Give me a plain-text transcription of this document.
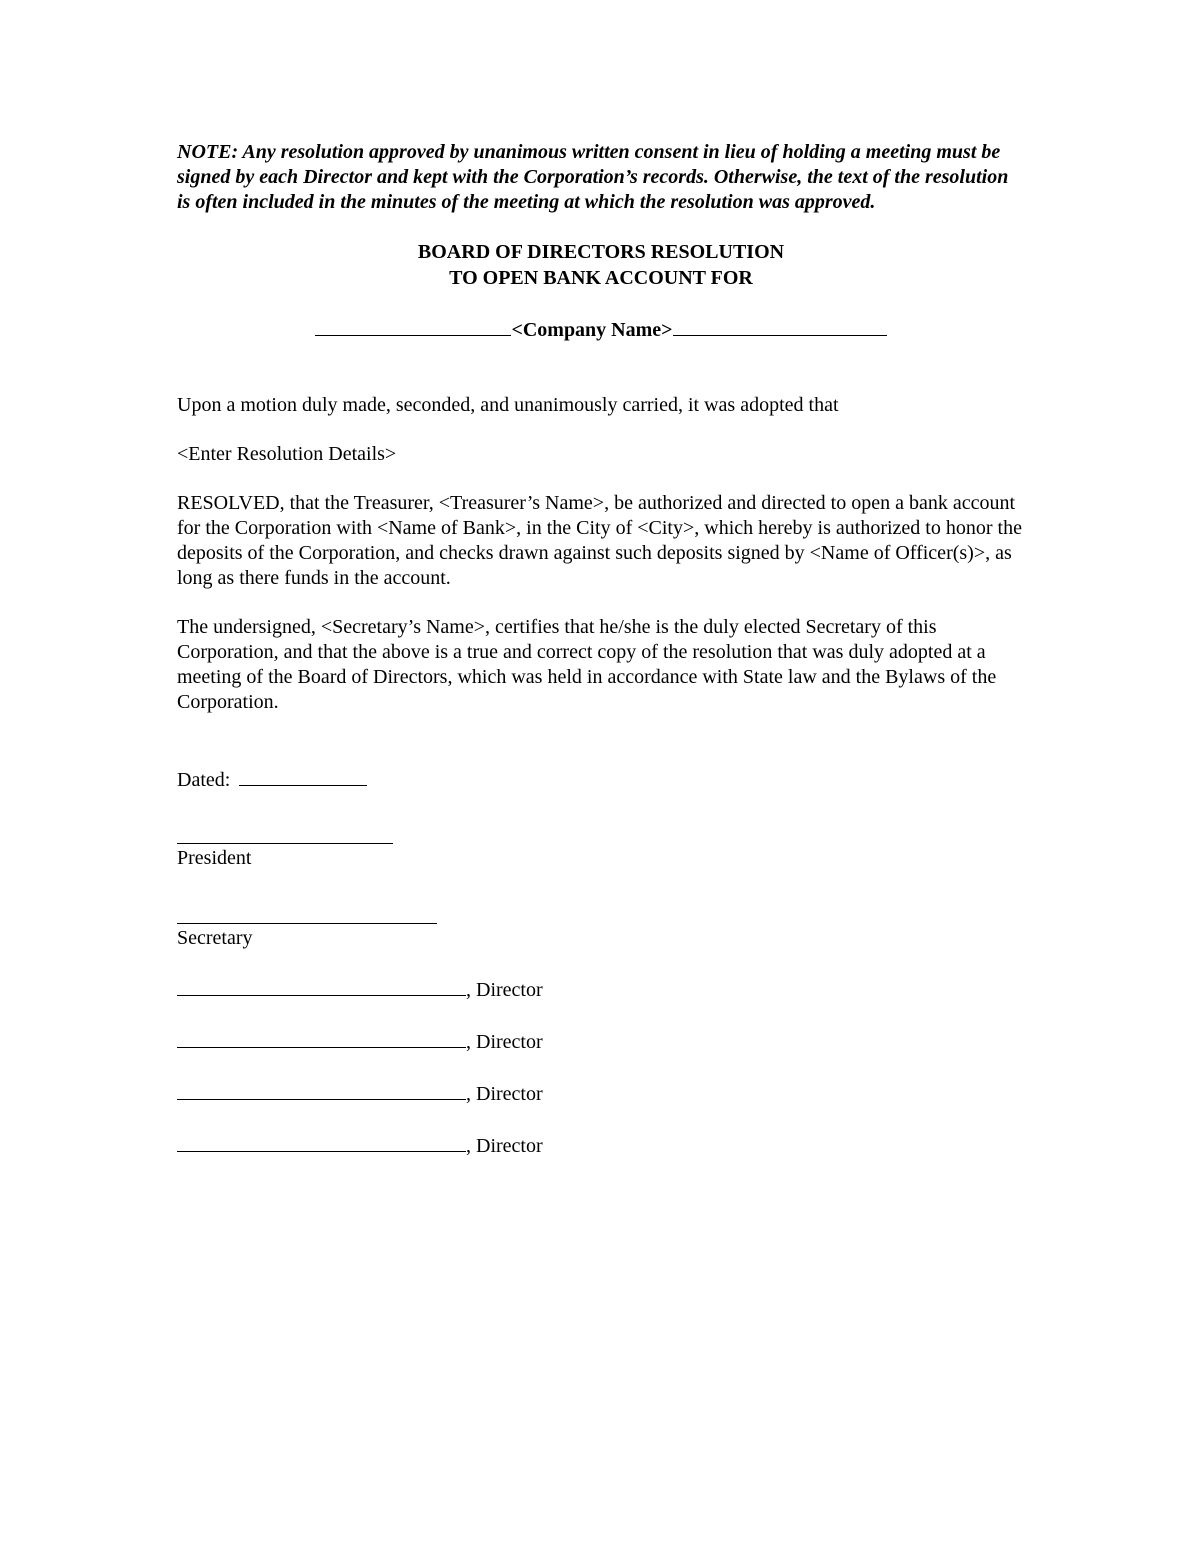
NOTE: Any resolution approved by unanimous written consent in lieu of holding a meeting must be signed by each Director and kept with the Corporation’s records. Otherwise, the text of the resolution is often included in the minutes of the meeting at which the resolution was approved.

BOARD OF DIRECTORS RESOLUTION
TO OPEN BANK ACCOUNT FOR
<Company Name>

Upon a motion duly made, seconded, and unanimously carried, it was adopted that

<Enter Resolution Details>

RESOLVED, that the Treasurer, <Treasurer’s Name>, be authorized and directed to open a bank account for the Corporation with <Name of Bank>, in the City of <City>, which hereby is authorized to honor the deposits of the Corporation, and checks drawn against such deposits signed by <Name of Officer(s)>, as long as there funds in the account.

The undersigned, <Secretary’s Name>, certifies that he/she is the duly elected Secretary of this Corporation, and that the above is a true and correct copy of the resolution that was duly adopted at a meeting of the Board of Directors, which was held in accordance with State law and the Bylaws of the Corporation.

Dated:
President
Secretary
, Director
, Director
, Director
, Director
